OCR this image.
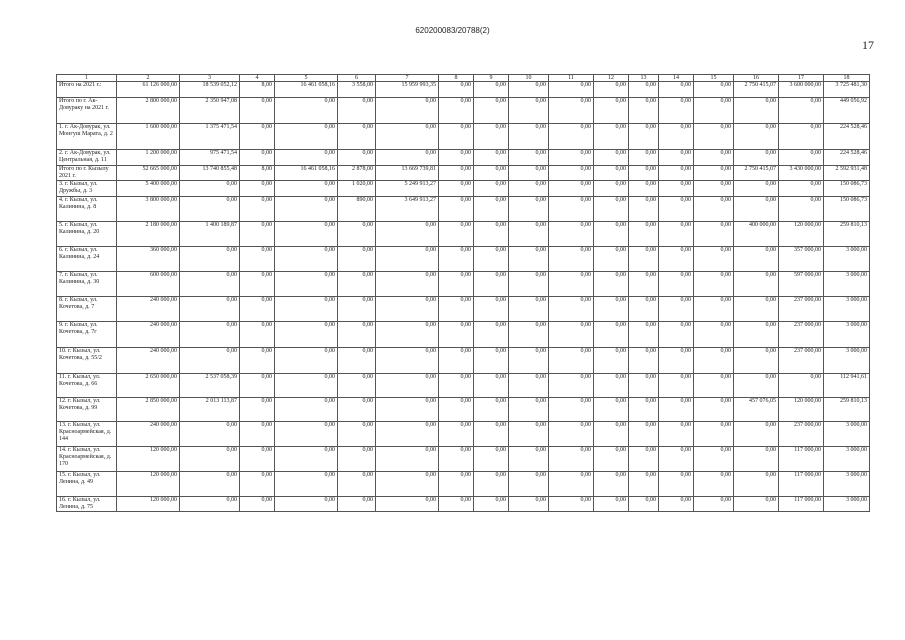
620200083/20788(2)
17
1	2	3	4	5	6	7	8	9	10	11	12	13	14	15	16	17	18
Итого на 2021 г.:	61 126 000,00	18 539 052,12	8,00	16 461 058,16	3 558,00	15 959 993,35	0,00	0,00	0,00	0,00	0,00	0,00	0,00	0,00	2 750 415,07	3 600 000,00	3 725 481,30
Итого по г. Ак-Довураку на 2021 г.	2 800 000,00	2 350 947,08	0,00	0,00	0,00	0,00	0,00	0,00	0,00	0,00	0,00	0,00	0,00	0,00	0,00	0,00	449 056,92
1. г. Ак-Довурак, ул. Монгуш Марата, д. 2	1 600 000,00	1 375 471,54	0,00	0,00	0,00	0,00	0,00	0,00	0,00	0,00	0,00	0,00	0,00	0,00	0,00	0,00	224 528,46
2. г. Ак-Довурак, ул. Центральная, д. 11	1 200 000,00	975 471,54	0,00	0,00	0,00	0,00	0,00	0,00	0,00	0,00	0,00	0,00	0,00	0,00	0,00	0,00	224 528,46
Итого по г. Кызылу 2021 г.	52 665 000,00	13 740 855,48	8,00	16 461 058,16	2 878,00	13 669 739,81	0,00	0,00	0,00	0,00	0,00	0,00	0,00	0,00	2 750 415,07	3 430 000,00	2 592 931,48
3. г. Кызыл, ул. Дружбы, д. 3	5 400 000,00	0,00	0,00	0,00	1 020,00	5 249 913,27	0,00	0,00	0,00	0,00	0,00	0,00	0,00	0,00	0,00	0,00	150 086,73
4. г. Кызыл, ул. Калинина, д. 8	3 800 000,00	0,00	0,00	0,00	890,00	3 649 913,27	0,00	0,00	0,00	0,00	0,00	0,00	0,00	0,00	0,00	0,00	150 086,73
5. г. Кызыл, ул. Калинина, д. 20	2 180 000,00	1 400 189,87	0,00	0,00	0,00	0,00	0,00	0,00	0,00	0,00	0,00	0,00	0,00	0,00	400 000,00	120 000,00	259 810,13
6. г. Кызыл, ул. Калинина, д. 24	360 000,00	0,00	0,00	0,00	0,00	0,00	0,00	0,00	0,00	0,00	0,00	0,00	0,00	0,00	0,00	357 000,00	3 000,00
7. г. Кызыл, ул. Калинина, д. 30	600 000,00	0,00	0,00	0,00	0,00	0,00	0,00	0,00	0,00	0,00	0,00	0,00	0,00	0,00	0,00	597 000,00	3 000,00
8. г. Кызыл, ул. Кочетова, д. 7	240 000,00	0,00	0,00	0,00	0,00	0,00	0,00	0,00	0,00	0,00	0,00	0,00	0,00	0,00	0,00	237 000,00	3 000,00
9. г. Кызыл, ул. Кочетова, д. 7г	240 000,00	0,00	0,00	0,00	0,00	0,00	0,00	0,00	0,00	0,00	0,00	0,00	0,00	0,00	0,00	237 000,00	3 000,00
10. г. Кызыл, ул. Кочетова, д. 55/2	240 000,00	0,00	0,00	0,00	0,00	0,00	0,00	0,00	0,00	0,00	0,00	0,00	0,00	0,00	0,00	237 000,00	3 000,00
11. г. Кызыл, ул. Кочетова, д. 66	2 650 000,00	2 537 058,39	0,00	0,00	0,00	0,00	0,00	0,00	0,00	0,00	0,00	0,00	0,00	0,00	0,00	0,00	112 941,61
12. г. Кызыл, ул. Кочетова, д. 99	2 850 000,00	2 013 113,87	0,00	0,00	0,00	0,00	0,00	0,00	0,00	0,00	0,00	0,00	0,00	0,00	457 076,05	120 000,00	259 810,13
13. г. Кызыл, ул. Красноармейская, д. 144	240 000,00	0,00	0,00	0,00	0,00	0,00	0,00	0,00	0,00	0,00	0,00	0,00	0,00	0,00	0,00	237 000,00	3 000,00
14. г. Кызыл, ул. Красноармейская, д. 170	120 000,00	0,00	0,00	0,00	0,00	0,00	0,00	0,00	0,00	0,00	0,00	0,00	0,00	0,00	0,00	117 000,00	3 000,00
15. г. Кызыл, ул. Ленина, д. 49	120 000,00	0,00	0,00	0,00	0,00	0,00	0,00	0,00	0,00	0,00	0,00	0,00	0,00	0,00	0,00	117 000,00	3 000,00
16. г. Кызыл, ул. Ленина, д. 75	120 000,00	0,00	0,00	0,00	0,00	0,00	0,00	0,00	0,00	0,00	0,00	0,00	0,00	0,00	0,00	117 000,00	3 000,00
